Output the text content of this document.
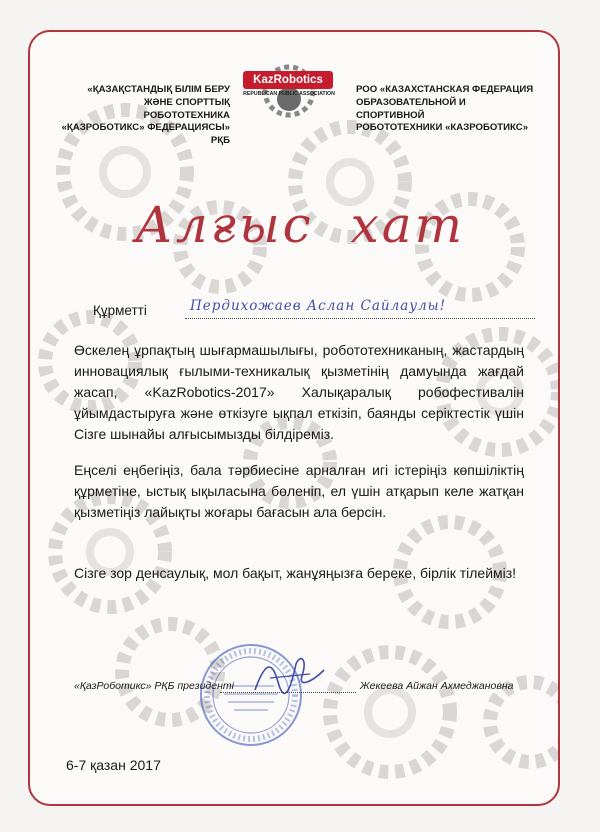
«ҚАЗАҚСТАНДЫҚ БІЛІМ БЕРУ
ЖӘНЕ СПОРТТЫҚ РОБОТОТЕХНИКА
«ҚАЗРОБОТИКС» ФЕДЕРАЦИЯСЫ» РҚБ
KazRobotics
REPUBLICAN PUBLIC ASSOCIATION	РОО «КАЗАХСТАНСКАЯ ФЕДЕРАЦИЯ
ОБРАЗОВАТЕЛЬНОЙ И СПОРТИВНОЙ
РОБОТОТЕХНИКИ «КАЗРОБОТИКС»
Алғыс хат
Құрметті	Пердихожаев Аслан Сайлаулы!

Өскелең ұрпақтың шығармашылығы, робототехниканың, жастардың инновациялық ғылыми-техникалық қызметінің дамуында жағдай жасап, «KazRobotics-2017» Халықаралық робофестивалін ұйымдастыруға және өткізуге ықпал еткізіп, баянды серіктестік үшін Сізге шынайы алғысымызды білдіреміз.

Еңселі еңбегіңіз, бала тәрбиесіне арналған игі істеріңіз көпшіліктің құрметіне, ыстық ықыласына бөленіп, ел үшін атқарып келе жатқан қызметіңіз лайықты жоғары бағасын ала берсін.

Сізге зор денсаулық, мол бақыт, жанұяңызға береке, бірлік тілейміз!

«ҚазРоботикс» РҚБ президенті	Жекеева Айжан Ахмеджановна
6-7 қазан 2017
